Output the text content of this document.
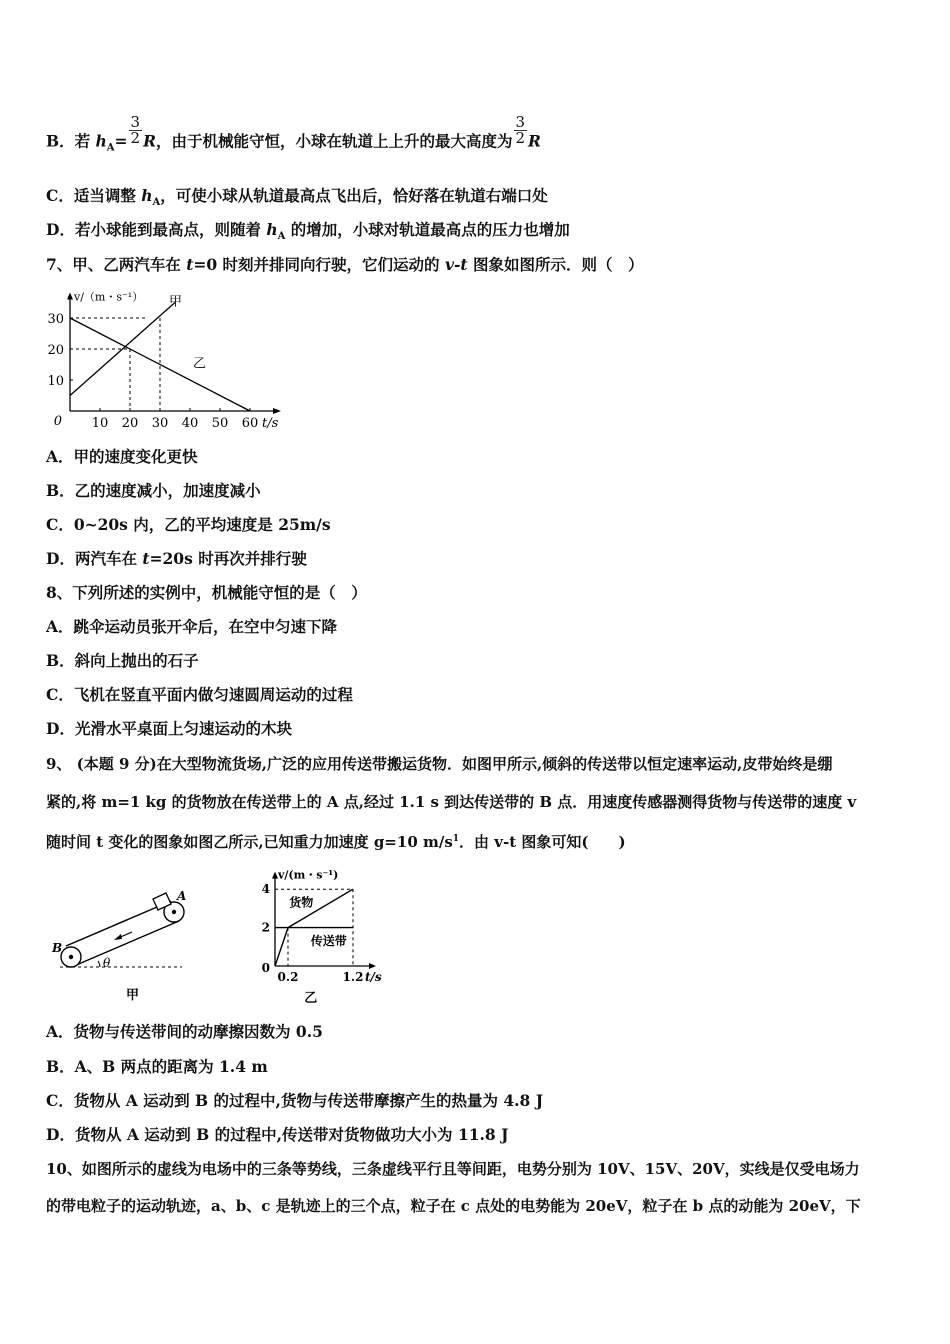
B．若 $h_A= \frac{3}{2}$ R，由于机械能守恒，小球在轨道上上升的最大高度为 $\frac{3}{2}$ R
C．适当调整 $h_A$，可使小球从轨道最高点飞出后，恰好落在轨道右端口处
D．若小球能到最高点，则随着 $h_A$ 的增加，小球对轨道最高点的压力也增加
7、甲、乙两汽车在 t=0 时刻并排同向行驶，它们运动的 v-t 图象如图所示．则（　）
10 20 30 40 50 60
10
20
30
0
v/（m・s⁻¹）
t/s
甲
乙
A．甲的速度变化更快
B．乙的速度减小，加速度减小
C．0~20s 内，乙的平均速度是 25m/s
D．两汽车在 t=20s 时再次并排行驶
8、下列所述的实例中，机械能守恒的是（　）
A．跳伞运动员张开伞后，在空中匀速下降
B．斜向上抛出的石子
C．飞机在竖直平面内做匀速圆周运动的过程
D．光滑水平桌面上匀速运动的木块
9、 (本题 9 分)在大型物流货场,广泛的应用传送带搬运货物．如图甲所示,倾斜的传送带以恒定速率运动,皮带始终是绷
紧的,将 m=1 kg 的货物放在传送带上的 A 点,经过 1.1 s 到达传送带的 B 点．用速度传感器测得货物与传送带的速度 v
随时间 t 变化的图象如图乙所示,已知重力加速度 g=10 $m/s^1$．由 v-t 图象可知(　　)
θ
A
B
甲
0.2	1.2
2
4
0
v/(m・s⁻¹)
t/s
货物
传送带
乙
A．货物与传送带间的动摩擦因数为 0.5
B．A、B 两点的距离为 1.4 m
C．货物从 A 运动到 B 的过程中,货物与传送带摩擦产生的热量为 4.8 J
D．货物从 A 运动到 B 的过程中,传送带对货物做功大小为 11.8 J
10、如图所示的虚线为电场中的三条等势线，三条虚线平行且等间距，电势分别为 10V、15V、20V，实线是仅受电场力
的带电粒子的运动轨迹，a、b、c 是轨迹上的三个点，粒子在 c 点处的电势能为 20eV，粒子在 b 点的动能为 20eV，下
